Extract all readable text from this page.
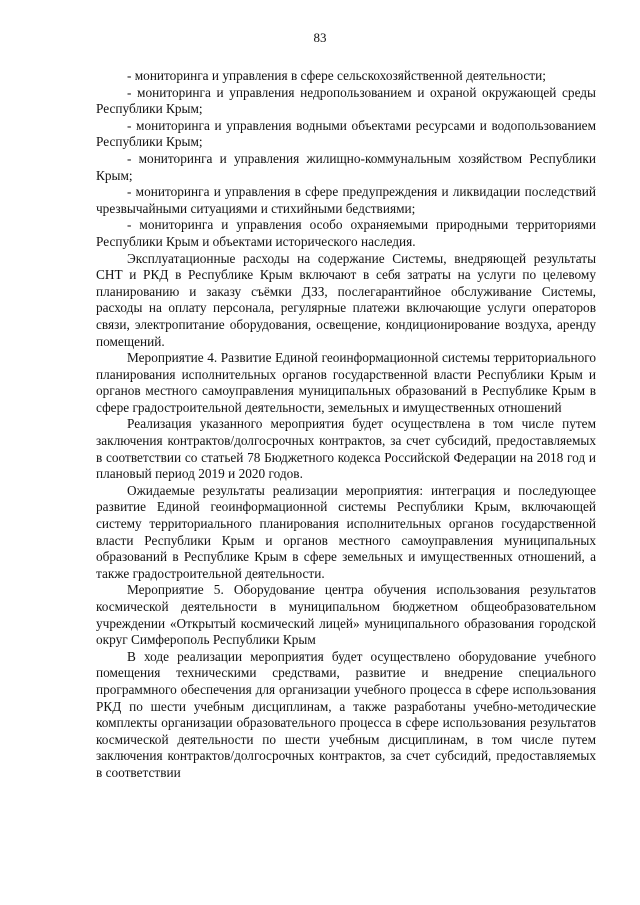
83

- мониторинга и управления в сфере сельскохозяйственной деятельности;

- мониторинга и управления недропользованием и охраной окружающей среды Республики Крым;

- мониторинга и управления водными объектами ресурсами и водопользованием Республики Крым;

- мониторинга и управления жилищно-коммунальным хозяйством Республики Крым;

- мониторинга и управления в сфере предупреждения и ликвидации последствий чрезвычайными ситуациями и стихийными бедствиями;

- мониторинга и управления особо охраняемыми природными территориями Республики Крым и объектами исторического наследия.

Эксплуатационные расходы на содержание Системы, внедряющей результаты СНТ и РКД в Республике Крым включают в себя затраты на услуги по целевому планированию и заказу съёмки ДЗЗ, послегарантийное обслуживание Системы, расходы на оплату персонала, регулярные платежи включающие услуги операторов связи, электропитание оборудования, освещение, кондиционирование воздуха, аренду помещений.

Мероприятие 4. Развитие Единой геоинформационной системы территориального планирования исполнительных органов государственной власти Республики Крым и органов местного самоуправления муниципальных образований в Республике Крым в сфере градостроительной деятельности, земельных и имущественных отношений

Реализация указанного мероприятия будет осуществлена в том числе путем заключения контрактов/долгосрочных контрактов, за счет субсидий, предоставляемых в соответствии со статьей 78 Бюджетного кодекса Российской Федерации на 2018 год и плановый период 2019 и 2020 годов.

Ожидаемые результаты реализации мероприятия: интеграция и последующее развитие Единой геоинформационной системы Республики Крым, включающей систему территориального планирования исполнительных органов государственной власти Республики Крым и органов местного самоуправления муниципальных образований в Республике Крым в сфере земельных и имущественных отношений, а также градостроительной деятельности.

Мероприятие 5. Оборудование центра обучения использования результатов космической деятельности в муниципальном бюджетном общеобразовательном учреждении «Открытый космический лицей» муниципального образования городской округ Симферополь Республики Крым

В ходе реализации мероприятия будет осуществлено оборудование учебного помещения техническими средствами, развитие и внедрение специального программного обеспечения для организации учебного процесса в сфере использования РКД по шести учебным дисциплинам, а также разработаны учебно-методические комплекты организации образовательного процесса в сфере использования результатов космической деятельности по шести учебным дисциплинам, в том числе путем заключения контрактов/долгосрочных контрактов, за счет субсидий, предоставляемых в соответствии
